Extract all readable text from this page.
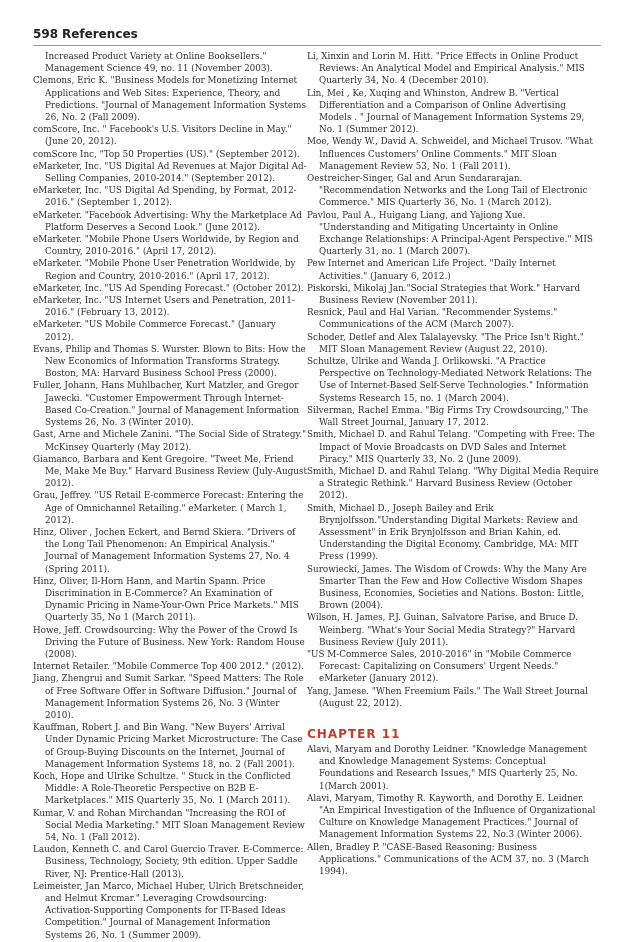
598 References

Increased Product Variety at Online Booksellers." Management Science 49, no. 11 (November 2003).

Clemons, Eric K. "Business Models for Monetizing Internet Applications and Web Sites: Experience, Theory, and Predictions. "Journal of Management Information Systems 26, No. 2 (Fall 2009).

comScore, Inc. " Facebook's U.S. Visitors Decline in May." (June 20, 2012).

comScore Inc, "Top 50 Properties (US)." (September 2012).

eMarketer, Inc. "US Digital Ad Revenues at Major Digital Ad-Selling Companies, 2010-2014." (September 2012).

eMarketer, Inc. "US Digital Ad Spending, by Format, 2012-2016." (September 1, 2012).

eMarketer. "Facebook Advertising: Why the Marketplace Ad Platform Deserves a Second Look." (June 2012).

eMarketer. "Mobile Phone Users Worldwide, by Region and Country, 2010-2016." (April 17, 2012).

eMarketer. "Mobile Phone User Penetration Worldwide, by Region and Country, 2010-2016." (April 17, 2012).

eMarketer, Inc. "US Ad Spending Forecast." (October 2012).

eMarketer, Inc. "US Internet Users and Penetration, 2011-2016." (February 13, 2012).

eMarketer. "US Mobile Commerce Forecast." (January 2012).

Evans, Philip and Thomas S. Wurster. Blown to Bits: How the New Economics of Information Transforms Strategy. Boston, MA: Harvard Business School Press (2000).

Fuller, Johann, Hans Muhlbacher, Kurt Matzler, and Gregor Jawecki. "Customer Empowerment Through Internet-Based Co-Creation." Journal of Management Information Systems 26, No. 3 (Winter 2010).

Gast, Arne and Michele Zanini. "The Social Side of Strategy." McKinsey Quarterly (May 2012).

Giamanco, Barbara and Kent Gregoire. "Tweet Me, Friend Me, Make Me Buy." Harvard Business Review (July-August 2012).

Grau, Jeffrey. "US Retail E-commerce Forecast: Entering the Age of Omnichannel Retailing." eMarketer. ( March 1, 2012).

Hinz, Oliver , Jochen Eckert, and Bernd Skiera. "Drivers of the Long Tail Phenomenon: An Empirical Analysis." Journal of Management Information Systems 27, No. 4 (Spring 2011).

Hinz, Oliver, Il-Horn Hann, and Martin Spann. Price Discrimination in E-Commerce? An Examination of Dynamic Pricing in Name-Your-Own Price Markets." MIS Quarterly 35, No 1 (March 2011).

Howe, Jeff. Crowdsourcing: Why the Power of the Crowd Is Driving the Future of Business. New York: Random House (2008).

Internet Retailer. "Mobile Commerce Top 400 2012." (2012).

Jiang, Zhengrui and Sumit Sarkar. "Speed Matters: The Role of Free Software Offer in Software Diffusion." Journal of Management Information Systems 26, No. 3 (Winter 2010).

Kauffman, Robert J. and Bin Wang. "New Buyers' Arrival Under Dynamic Pricing Market Microstructure: The Case of Group-Buying Discounts on the Internet, Journal of Management Information Systems 18, no. 2 (Fall 2001).

Koch, Hope and Ulrike Schultze. " Stuck in the Conflicted Middle: A Role-Theoretic Perspective on B2B E-Marketplaces." MIS Quarterly 35, No. 1 (March 2011).

Kumar, V. and Rohan Mirchandan "Increasing the ROI of Social Media Marketing." MIT Sloan Management Review 54, No. 1 (Fall 2012).

Laudon, Kenneth C. and Carol Guercio Traver. E-Commerce: Business, Technology, Society, 9th edition. Upper Saddle River, NJ: Prentice-Hall (2013).

Leimeister, Jan Marco, Michael Huber, Ulrich Bretschneider, and Helmut Krcmar." Leveraging Crowdsourcing: Activation-Supporting Components for IT-Based Ideas Competition." Journal of Management Information Systems 26, No. 1 (Summer 2009).

Li, Xinxin and Lorin M. Hitt. "Price Effects in Online Product Reviews: An Analytical Model and Empirical Analysis." MIS Quarterly 34, No. 4 (December 2010).

Lin, Mei , Ke, Xuqing and Whinston, Andrew B. "Vertical Differentiation and a Comparison of Online Advertising Models . " Journal of Management Information Systems 29, No. 1 (Summer 2012).

Moe, Wendy W., David A. Schweidel, and Michael Trusov. "What Influences Customers' Online Comments." MIT Sloan Management Review 53, No. 1 (Fall 2011).

Oestreicher-Singer, Gal and Arun Sundararajan. "Recommendation Networks and the Long Tail of Electronic Commerce." MIS Quarterly 36, No. 1 (March 2012).

Pavlou, Paul A., Huigang Liang, and Yajiong Xue. "Understanding and Mitigating Uncertainty in Online Exchange Relationships: A Principal-Agent Perspective." MIS Quarterly 31, no. 1 (March 2007).

Pew Internet and American Life Project. "Daily Internet Activities." (January 6, 2012.)

Piskorski, Mikolaj Jan."Social Strategies that Work." Harvard Business Review (November 2011).

Resnick, Paul and Hal Varian. "Recommender Systems." Communications of the ACM (March 2007).

Schoder, Detlef and Alex Talalayevsky. "The Price Isn't Right." MIT Sloan Management Review (August 22, 2010).

Schultze, Ulrike and Wanda J. Orlikowski. "A Practice Perspective on Technology-Mediated Network Relations: The Use of Internet-Based Self-Serve Technologies." Information Systems Research 15, no. 1 (March 2004).

Silverman, Rachel Emma. "Big Firms Try Crowdsourcing," The Wall Street Journal, January 17, 2012.

Smith, Michael D. and Rahul Telang. "Competing with Free: The Impact of Movie Broadcasts on DVD Sales and Internet Piracy." MIS Quarterly 33, No. 2 (June 2009).

Smith, Michael D. and Rahul Telang. "Why Digital Media Require a Strategic Rethink." Harvard Business Review (October 2012).

Smith, Michael D., Joseph Bailey and Erik Brynjolfsson."Understanding Digital Markets: Review and Assessment" in Erik Brynjolfsson and Brian Kahin, ed. Understanding the Digital Economy. Cambridge, MA: MIT Press (1999).

Surowiecki, James. The Wisdom of Crowds: Why the Many Are Smarter Than the Few and How Collective Wisdom Shapes Business, Economies, Societies and Nations. Boston: Little, Brown (2004).

Wilson, H. James, P.J. Guinan, Salvatore Parise, and Bruce D. Weinberg. "What's Your Social Media Strategy?" Harvard Business Review (July 2011).

"US M-Commerce Sales, 2010-2016" in "Mobile Commerce Forecast: Capitalizing on Consumers' Urgent Needs." eMarketer (January 2012).

Yang, Jamese. "When Freemium Fails." The Wall Street Journal (August 22, 2012).

CHAPTER 11

Alavi, Maryam and Dorothy Leidner. "Knowledge Management and Knowledge Management Systems: Conceptual Foundations and Research Issues," MIS Quarterly 25, No. 1(March 2001).

Alavi, Maryam, Timothy R. Kayworth, and Dorothy E. Leidner. "An Empirical Investigation of the Influence of Organizational Culture on Knowledge Management Practices." Journal of Management Information Systems 22, No.3 (Winter 2006).

Allen, Bradley P. "CASE-Based Reasoning: Business Applications." Communications of the ACM 37, no. 3 (March 1994).
